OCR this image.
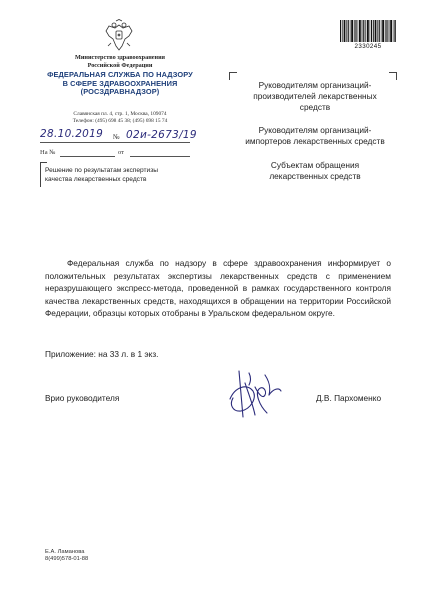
Министерство здравоохранения
Российской Федерации
ФЕДЕРАЛЬНАЯ СЛУЖБА ПО НАДЗОРУ
В СФЕРЕ ЗДРАВООХРАНЕНИЯ
(РОСЗДРАВНАДЗОР)
Славянская пл. 4, стр. 1, Москва, 109074
Телефон: (495) 698 45 38; (495) 698 15 74
28.10.2019 № 02и-2673/19
На №	от
Решение по результатам экспертизы
качества лекарственных средств
2330245
Руководителям организаций-
производителей лекарственных
средств
Руководителям организаций-
импортеров лекарственных средств
Субъектам обращения
лекарственных средств
Федеральная служба по надзору в сфере здравоохранения информирует о положительных результатах экспертизы лекарственных средств с применением неразрушающего экспресс-метода, проведенной в рамках государственного контроля качества лекарственных средств, находящихся в обращении на территории Российской Федерации, образцы которых отобраны в Уральском федеральном округе.
Приложение: на 33 л. в 1 экз.
Врио руководителя	Д.В. Пархоменко
Е.А. Ламанова
8(499)578-01-88
